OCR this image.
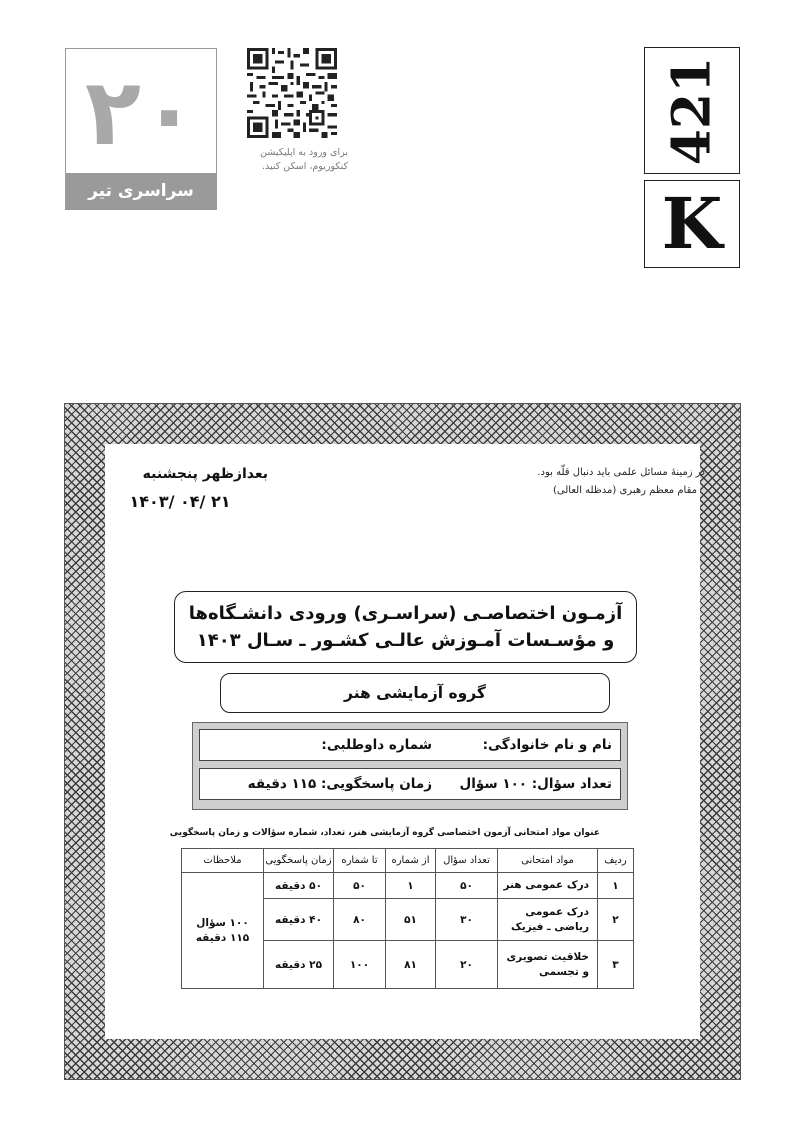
۲۰
سراسری تیر ۱۴۰۳
برای ورود به اپلیکیشن کنکوریوم، اسکن کنید.
421
K
در زمینهٔ مسائل علمی باید دنبال قلّه بود.
مقام معظم رهبری (مدظله العالی)
بعدازظهر پنجشنبه
۱۴۰۳/ ۰۴/ ۲۱
آزمـون اختصاصـی (سراسـری) ورودی دانشـگاه‌ها
و مؤسـسات آمـوزش عالـی کشـور ـ سـال ۱۴۰۳
گروه آزمایشی هنر
نام و نام خانوادگی:
شماره داوطلبی:
تعداد سؤال: ۱۰۰ سؤال
زمان پاسخگویی: ۱۱۵ دقیقه
عنوان مواد امتحانی آزمون اختصاصی گروه آزمایشی هنر، تعداد، شماره سؤالات و زمان پاسخگویی
ردیف	مواد امتحانی	تعداد سؤال	از شماره	تا شماره	زمان پاسخگویی	ملاحظات
۱	درک عمومی هنر	۵۰	۱	۵۰	۵۰ دقیقه	۱۰۰ سؤال
۱۱۵ دقیقه

۲	درک عمومی ریاضی ـ فیزیک	۳۰	۵۱	۸۰	۴۰ دقیقه	
۳	خلاقیت تصویری و تجسمی	۲۰	۸۱	۱۰۰	۲۵ دقیقه	
